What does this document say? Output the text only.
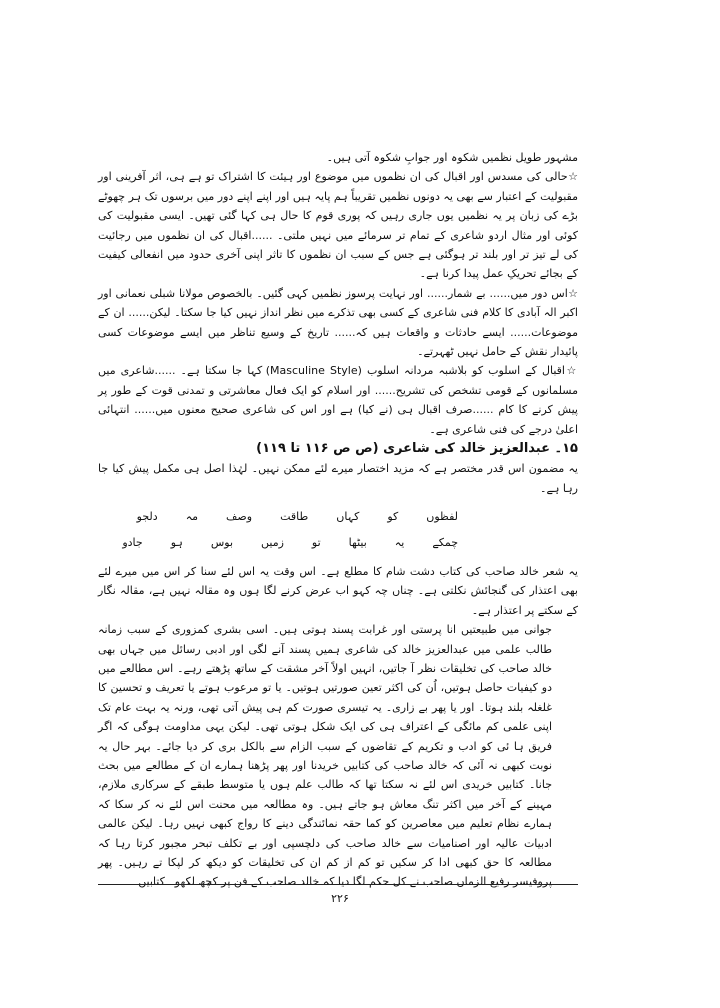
مشہور طویل نظمیں شکوہ اور جوابِ شکوہ آتی ہیں۔

☆حالی کی مسدس اور اقبال کی ان نظموں میں موضوع اور ہیئت کا اشتراک تو ہے ہی، اثر آفرینی اور مقبولیت کے اعتبار سے بھی یہ دونوں نظمیں تقریباً ہم پایہ ہیں اور اپنے اپنے دور میں برسوں تک ہر چھوٹے بڑے کی زبان پر یہ نظمیں یوں جاری رہیں کہ پوری قوم کا حال ہی کہا گئی تھیں۔ ایسی مقبولیت کی کوئی اور مثال اردو شاعری کے تمام تر سرمائے میں نہیں ملتی۔ ......اقبال کی ان نظموں میں رجائیت کی لے تیز تر اور بلند تر ہوگئی ہے جس کے سبب ان نظموں کا تاثر اپنی آخری حدود میں انفعالی کیفیت کے بجائے تحریکِ عمل پیدا کرنا ہے۔

☆اس دور میں...... بے شمار...... اور نہایت پرسوز نظمیں کہی گئیں۔ بالخصوص مولانا شبلی نعمانی اور اکبر الہ آبادی کا کلام فنی شاعری کے کسی بھی تذکرے میں نظر انداز نہیں کیا جا سکتا۔ لیکن...... ان کے موضوعات...... ایسے حادثات و واقعات ہیں کہ...... تاریخ کے وسیع تناظر میں ایسے موضوعات کسی پائیدار نقش کے حامل نہیں ٹھہرتے۔

☆اقبال کے اسلوب کو بلاشبہ مردانہ اسلوب (Masculine Style) کہا جا سکتا ہے۔ ......شاعری میں مسلمانوں کے قومی تشخص کی تشریح...... اور اسلام کو ایک فعال معاشرتی و تمدنی قوت کے طور پر پیش کرنے کا کام ......صرف اقبال ہی (نے کیا) ہے اور اس کی شاعری صحیح معنوں میں...... انتہائی اعلیٰ درجے کی فنی شاعری ہے۔

۱۵۔ عبدالعزیز خالد کی شاعری (ص ص ۱۱۶ تا ۱۱۹)

یہ مضمون اس قدر مختصر ہے کہ مزید اختصار میرے لئے ممکن نہیں۔ لہٰذا اصل ہی مکمل پیش کیا جا رہا ہے۔

لفظوں
کو
کہاں
طاقت
وصف
مہ
دلجو
چمکے
یہ
بیٹھا
تو
زمیں
بوس
ہو
جادو

یہ شعر خالد صاحب کی کتاب دشت شام کا مطلع ہے۔ اس وقت یہ اس لئے سنا کر اس میں میرے لئے بھی اعتذار کی گنجائش نکلتی ہے۔ چناں چہ کہو اب عرض کرنے لگا ہوں وہ مقالہ نہیں ہے، مقالہ نگار کے سکتے پر اعتذار ہے۔

جوانی میں طبیعتیں انا پرستی اور غرابت پسند ہوتی ہیں۔ اسی بشری کمزوری کے سبب زمانہ طالب علمی میں عبدالعزیز خالد کی شاعری ہمیں پسند آنے لگی اور ادبی رسائل میں جہاں بھی خالد صاحب کی تخلیقات نظر آ جاتیں، انہیں اولاً آخر مشقت کے ساتھ پڑھتے رہے۔ اس مطالعے میں دو کیفیات حاصل ہوتیں، اُن کی اکثر تعین صورتیں ہوتیں۔ یا تو مرعوب ہوتے یا تعریف و تحسین کا غلغلہ بلند ہوتا۔ اور یا پھر بے زاری۔ یہ تیسری صورت کم ہی پیش آتی تھی، ورنہ یہ بہت عام تک اپنی علمی کم مائگی کے اعتراف ہی کی ایک شکل ہوتی تھی۔ لیکن یہی مداومت ہوگی کہ اگر فریق ہا ئی کو ادب و تکریم کے تقاضوں کے سبب الزام سے بالکل بری کر دیا جائے۔ بہر حال یہ نوبت کبھی نہ آئی کہ خالد صاحب کی کتابیں خریدنا اور پھر پڑھنا ہمارے ان کے مطالعے میں بحث جانا۔ کتابیں خریدی اس لئے نہ سکتا تھا کہ طالب علم ہوں یا متوسط طبقے کے سرکاری ملازم، مہینے کے آخر میں اکثر تنگ معاش ہو جاتے ہیں۔ وہ مطالعہ میں محنت اس لئے نہ کر سکا کہ ہمارے نظام تعلیم میں معاصرین کو کما حقہ نمائندگی دینے کا رواج کبھی نہیں رہا۔ لیکن عالمی ادبیات عالیہ اور اصنامیات سے خالد صاحب کی دلچسپی اور بے تکلف تبحر مجبور کرتا رہا کہ مطالعہ کا حق کبھی ادا کر سکیں تو کم از کم ان کی تخلیقات کو دیکھ کر لپکا تے رہیں۔ پھر پروفیسر رفیع الزماں صاحب نے کل حکم لگا دیا کہ خالد صاحب کے فن پر کچھ لکھو۔ کتابیں

۲۲۶
